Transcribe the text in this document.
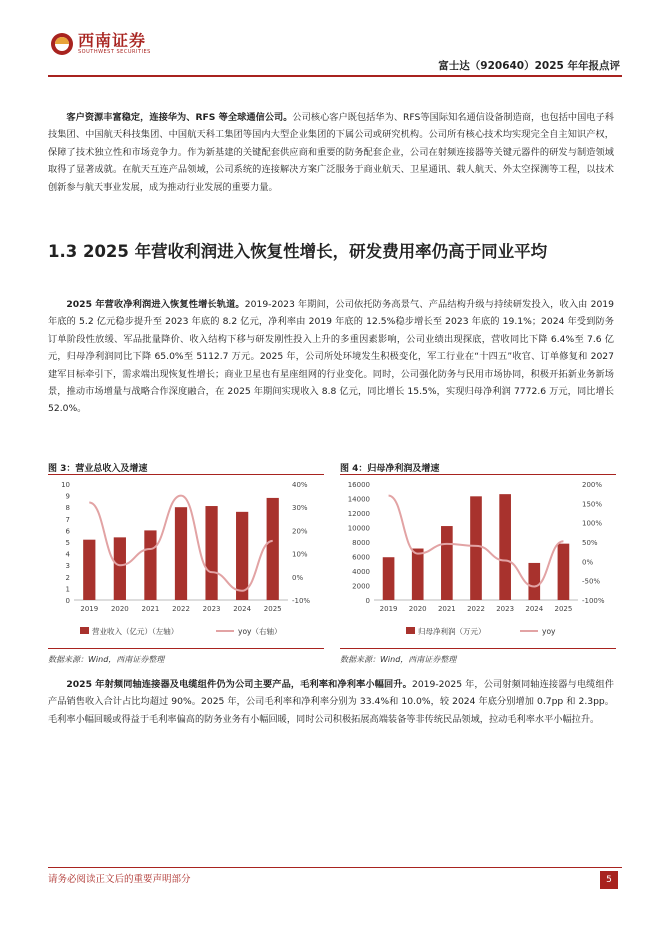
西南证券
SOUTHWEST SECURITIES
富士达（920640）2025 年年报点评
客户资源丰富稳定，连接华为、RFS 等全球通信公司。公司核心客户既包括华为、RFS等国际知名通信设备制造商，也包括中国电子科技集团、中国航天科技集团、中国航天科工集团等国内大型企业集团的下属公司或研究机构。公司所有核心技术均实现完全自主知识产权，保障了技术独立性和市场竞争力。作为新基建的关键配套供应商和重要的防务配套企业，公司在射频连接器等关键元器件的研发与制造领域取得了显著成就。在航天互连产品领域，公司系统的连接解决方案广泛服务于商业航天、卫星通讯、载人航天、外太空探测等工程，以技术创新参与航天事业发展，成为推动行业发展的重要力量。
1.3 2025 年营收利润进入恢复性增长，研发费用率仍高于同业平均
2025 年营收净利润进入恢复性增长轨道。2019-2023 年期间，公司依托防务高景气、产品结构升级与持续研发投入，收入由 2019 年底的 5.2 亿元稳步提升至 2023 年底的 8.2 亿元，净利率由 2019 年底的 12.5%稳步增长至 2023 年底的 19.1%；2024 年受到防务订单阶段性放缓、军品批量降价、收入结构下移与研发刚性投入上升的多重因素影响，公司业绩出现探底，营收同比下降 6.4%至 7.6 亿元，归母净利润同比下降 65.0%至 5112.7 万元。2025 年，公司所处环境发生积极变化，军工行业在“十四五”收官、订单修复和 2027 建军目标牵引下，需求端出现恢复性增长；商业卫星也有星座组网的行业变化。同时，公司强化防务与民用市场协同，积极开拓新业务新场景，推动市场增量与战略合作深度融合，在 2025 年期间实现收入 8.8 亿元，同比增长 15.5%，实现归母净利润 7772.6 万元，同比增长 52.0%。
图 3：营业总收入及增速
0
1
2
3
4
5
6
7
8
9
10
-10%
0%
10%
20%
30%
40%
2019 2020 2021 2022 2023 2024 2025
营业收入（亿元）（左轴）	yoy（右轴）
数据来源：Wind，西南证券整理
图 4：归母净利润及增速
0
2000
4000
6000
8000
10000
12000
14000
16000
-100%
-50%
0%
50%
100%
150%
200%
2019 2020 2021 2022 2023 2024 2025
归母净利润（万元）	yoy
数据来源：Wind，西南证券整理
2025 年射频同轴连接器及电缆组件仍为公司主要产品，毛利率和净利率小幅回升。2019-2025 年，公司射频同轴连接器与电缆组件产品销售收入合计占比均超过 90%。2025 年，公司毛利率和净利率分别为 33.4%和 10.0%，较 2024 年底分别增加 0.7pp 和 2.3pp。毛利率小幅回暖或得益于毛利率偏高的防务业务有小幅回暖，同时公司积极拓展高端装备等非传统民品领域，拉动毛利率水平小幅拉升。
请务必阅读正文后的重要声明部分	5
